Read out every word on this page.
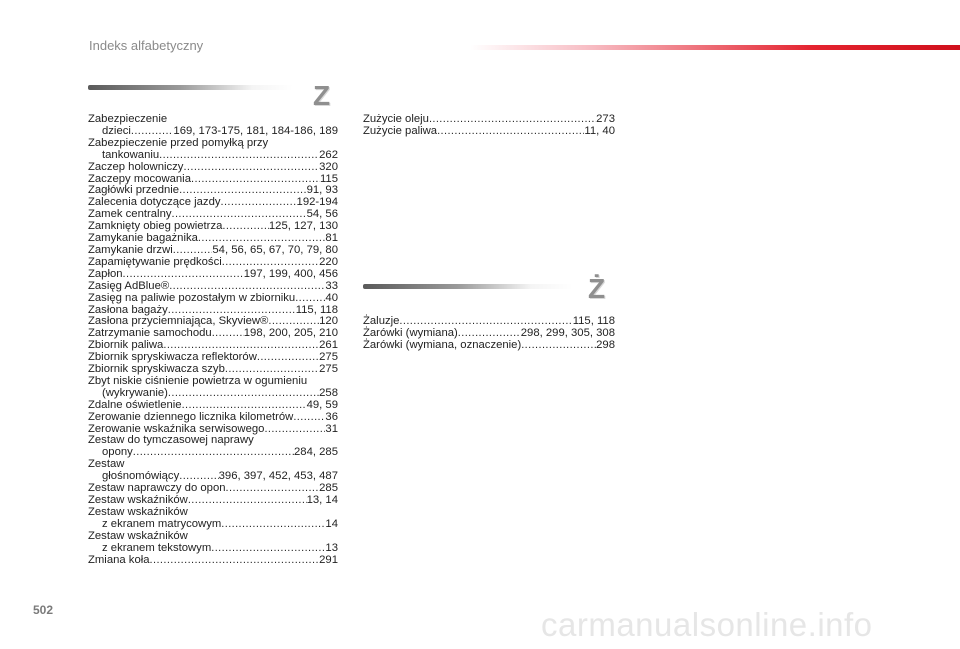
Indeks alfabetyczny
Z
Ż
Zabezpieczenie
dzieci .....	169, 173-175, 181, 184-186, 189
Zabezpieczenie przed pomyłką przy
tankowaniu .....	262
Zaczep holowniczy .....	320
Zaczepy mocowania .....	115
Zagłówki przednie .....	91, 93
Zalecenia dotyczące jazdy .....	192-194
Zamek centralny .....	54, 56
Zamknięty obieg powietrza .....	125, 127, 130
Zamykanie bagażnika .....	81
Zamykanie drzwi .....	54, 56, 65, 67, 70, 79, 80
Zapamiętywanie prędkości .....	220
Zapłon .....	197, 199, 400, 456
Zasięg AdBlue® .....	33
Zasięg na paliwie pozostałym w zbiorniku .....	40
Zasłona bagaży .....	115, 118
Zasłona przyciemniająca, Skyview® .....	120
Zatrzymanie samochodu .....	198, 200, 205, 210
Zbiornik paliwa .....	261
Zbiornik spryskiwacza reflektorów .....	275
Zbiornik spryskiwacza szyb .....	275
Zbyt niskie ciśnienie powietrza w ogumieniu
(wykrywanie) .....	258
Zdalne oświetlenie .....	49, 59
Zerowanie dziennego licznika kilometrów .....	36
Zerowanie wskaźnika serwisowego .....	31
Zestaw do tymczasowej naprawy
opony .....	284, 285
Zestaw
głośnomówiący .....	396, 397, 452, 453, 487
Zestaw naprawczy do opon .....	285
Zestaw wskaźników .....	13, 14
Zestaw wskaźników
z ekranem matrycowym .....	14
Zestaw wskaźników
z ekranem tekstowym .....	13
Zmiana koła .....	291
Zużycie oleju .....	273
Zużycie paliwa .....	11, 40
Żaluzje .....	115, 118
Żarówki (wymiana) .....	298, 299, 305, 308
Żarówki (wymiana, oznaczenie) .....	298
502	carmanualsonline.info
